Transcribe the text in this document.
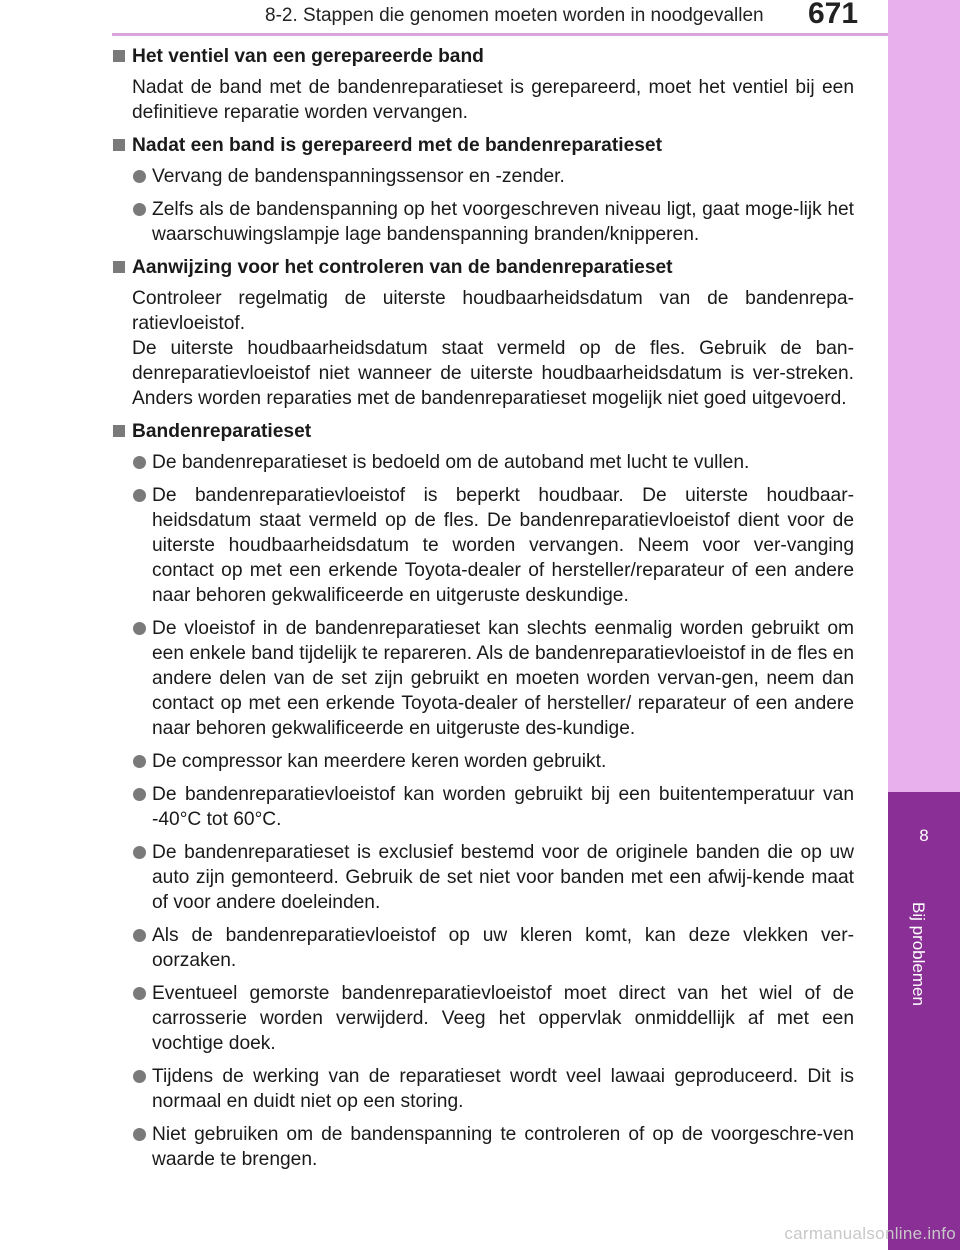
8-2. Stappen die genomen moeten worden in noodgevallen 671
8
Bij problemen
Het ventiel van een gerepareerde band
Nadat de band met de bandenreparatieset is gerepareerd, moet het ventiel bij een definitieve reparatie worden vervangen.
Nadat een band is gerepareerd met de bandenreparatieset
Vervang de bandenspanningssensor en -zender.
Zelfs als de bandenspanning op het voorgeschreven niveau ligt, gaat moge-lijk het waarschuwingslampje lage bandenspanning branden/knipperen.
Aanwijzing voor het controleren van de bandenreparatieset
Controleer regelmatig de uiterste houdbaarheidsdatum van de bandenrepa-ratievloeistof.
De uiterste houdbaarheidsdatum staat vermeld op de fles. Gebruik de ban-denreparatievloeistof niet wanneer de uiterste houdbaarheidsdatum is ver-streken. Anders worden reparaties met de bandenreparatieset mogelijk niet goed uitgevoerd.
Bandenreparatieset
De bandenreparatieset is bedoeld om de autoband met lucht te vullen.
De bandenreparatievloeistof is beperkt houdbaar. De uiterste houdbaar-heidsdatum staat vermeld op de fles. De bandenreparatievloeistof dient voor de uiterste houdbaarheidsdatum te worden vervangen. Neem voor ver-vanging contact op met een erkende Toyota-dealer of hersteller/reparateur of een andere naar behoren gekwalificeerde en uitgeruste deskundige.
De vloeistof in de bandenreparatieset kan slechts eenmalig worden gebruikt om een enkele band tijdelijk te repareren. Als de bandenreparatievloeistof in de fles en andere delen van de set zijn gebruikt en moeten worden vervan-gen, neem dan contact op met een erkende Toyota-dealer of hersteller/ reparateur of een andere naar behoren gekwalificeerde en uitgeruste des-kundige.
De compressor kan meerdere keren worden gebruikt.
De bandenreparatievloeistof kan worden gebruikt bij een buitentemperatuur van -40°C tot 60°C.
De bandenreparatieset is exclusief bestemd voor de originele banden die op uw auto zijn gemonteerd. Gebruik de set niet voor banden met een afwij-kende maat of voor andere doeleinden.
Als de bandenreparatievloeistof op uw kleren komt, kan deze vlekken ver-oorzaken.
Eventueel gemorste bandenreparatievloeistof moet direct van het wiel of de carrosserie worden verwijderd. Veeg het oppervlak onmiddellijk af met een vochtige doek.
Tijdens de werking van de reparatieset wordt veel lawaai geproduceerd. Dit is normaal en duidt niet op een storing.
Niet gebruiken om de bandenspanning te controleren of op de voorgeschre-ven waarde te brengen.
carmanualsonline.info
